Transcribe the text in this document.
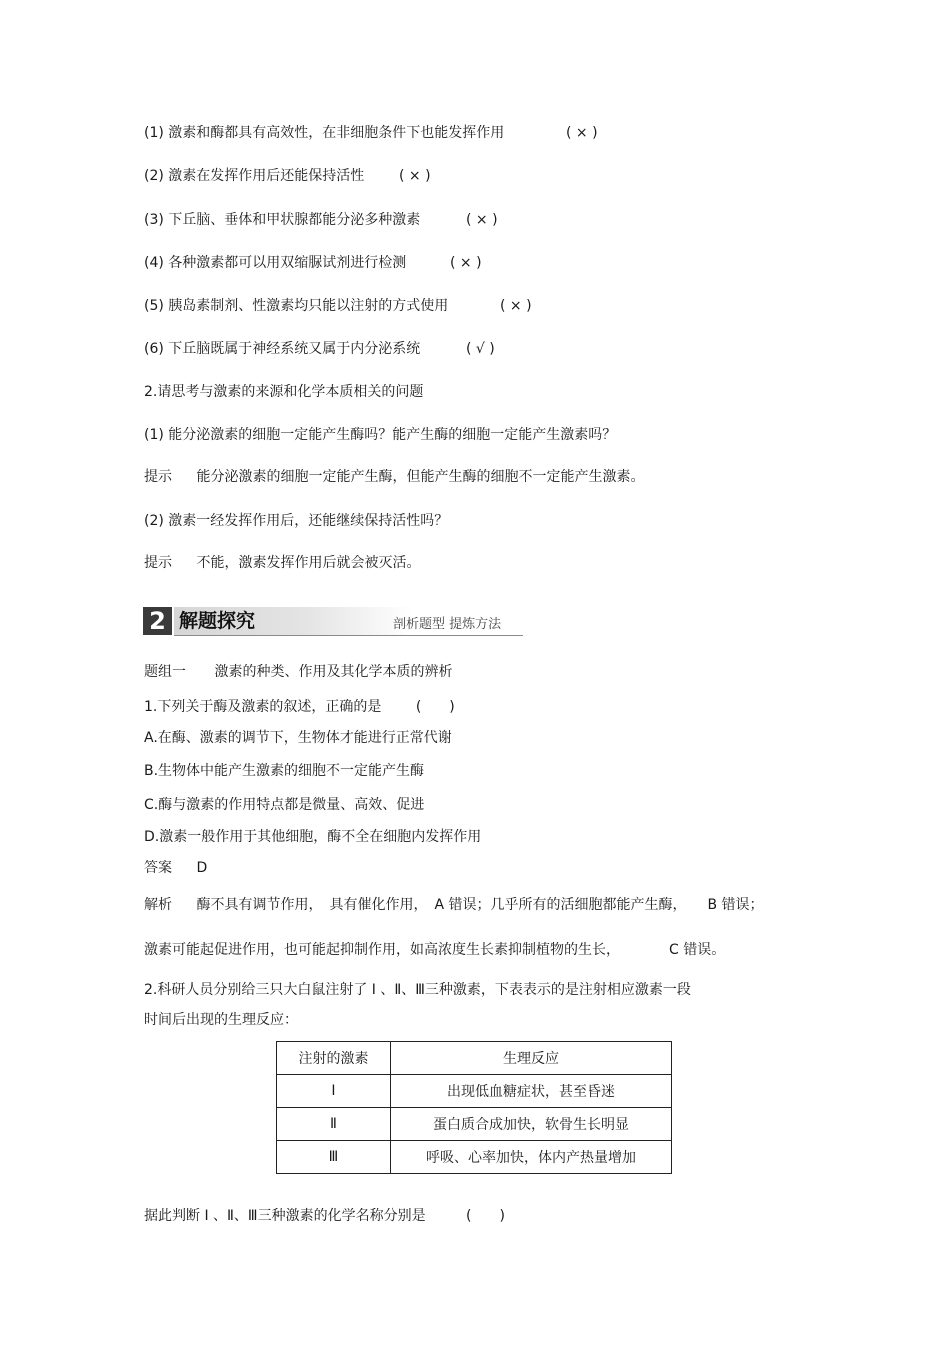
(1) 激素和酶都具有高效性，在非细胞条件下也能发挥作用	( × )
(2) 激素在发挥作用后还能保持活性 ( × )
(3) 下丘脑、垂体和甲状腺都能分泌多种激素	( × )
(4) 各种激素都可以用双缩脲试剂进行检测	( × )
(5) 胰岛素制剂、性激素均只能以注射的方式使用	( × )
(6) 下丘脑既属于神经系统又属于内分泌系统	( √ )
2.请思考与激素的来源和化学本质相关的问题
(1) 能分泌激素的细胞一定能产生酶吗？能产生酶的细胞一定能产生激素吗？
提示 能分泌激素的细胞一定能产生酶，但能产生酶的细胞不一定能产生激素。
(2) 激素一经发挥作用后，还能继续保持活性吗？
提示 不能，激素发挥作用后就会被灭活。
2 解题探究	剖析题型 提炼方法
题组一 激素的种类、作用及其化学本质的辨析
1.下列关于酶及激素的叙述，正确的是 (　　)
A.在酶、激素的调节下，生物体才能进行正常代谢
B.生物体中能产生激素的细胞不一定能产生酶
C.酶与激素的作用特点都是微量、高效、促进
D.激素一般作用于其他细胞，酶不全在细胞内发挥作用
答案 D
解析 酶不具有调节作用，　具有催化作用，　A 错误；几乎所有的活细胞都能产生酶，　　B 错误；
激素可能起促进作用，也可能起抑制作用，如高浓度生长素抑制植物的生长，　　　　C 错误。
2.科研人员分别给三只大白鼠注射了 Ⅰ 、Ⅱ、Ⅲ三种激素，下表表示的是注射相应激素一段
时间后出现的生理反应：
注射的激素	生理反应
Ⅰ	出现低血糖症状，甚至昏迷
Ⅱ	蛋白质合成加快，软骨生长明显
Ⅲ	呼吸、心率加快，体内产热量增加
据此判断 Ⅰ 、Ⅱ、Ⅲ三种激素的化学名称分别是	(　　)
